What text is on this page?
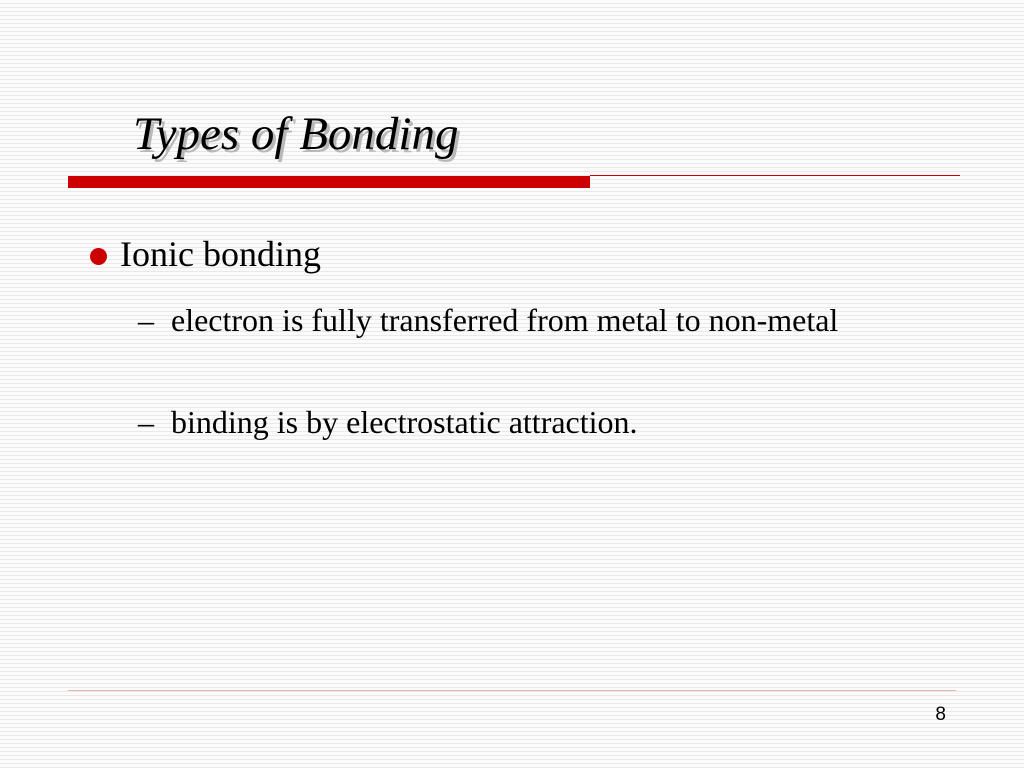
Types of Bonding
Ionic bonding
– electron is fully transferred from metal to non-metal
– binding is by electrostatic attraction.
8
